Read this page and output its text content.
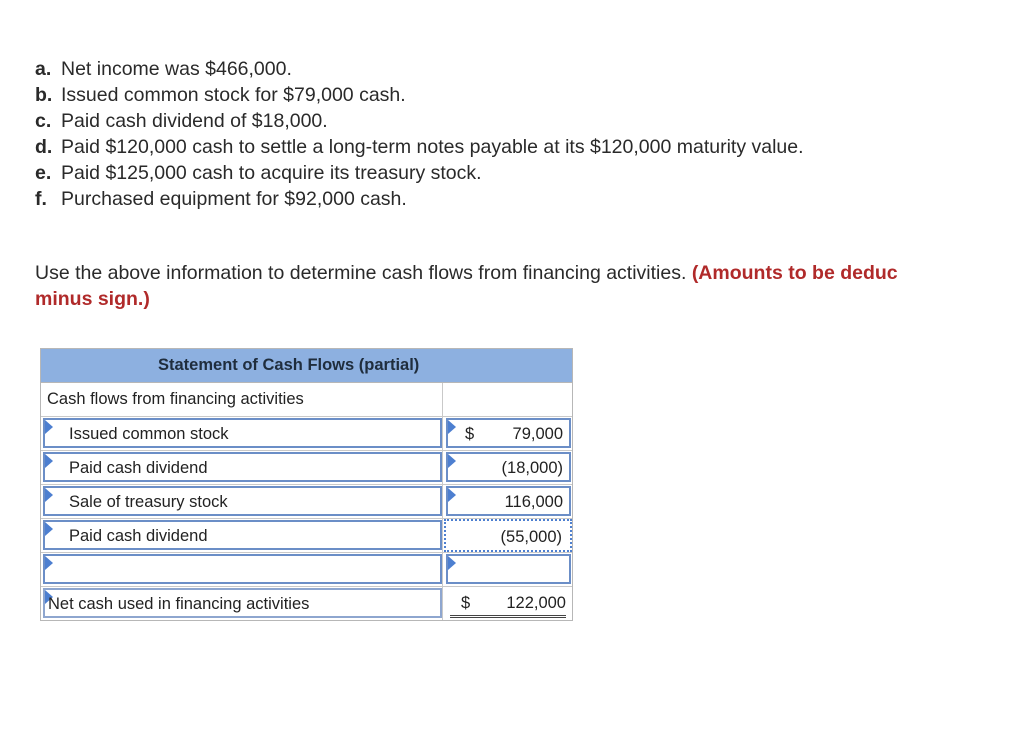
a. Net income was $466,000.
b. Issued common stock for $79,000 cash.
c. Paid cash dividend of $18,000.
d. Paid $120,000 cash to settle a long-term notes payable at its $120,000 maturity value.
e. Paid $125,000 cash to acquire its treasury stock.
f. Purchased equipment for $92,000 cash.
Use the above information to determine cash flows from financing activities. (Amounts to be deduc
minus sign.)
Statement of Cash Flows (partial)
Cash flows from financing activities
Issued common stock	$ 79,000
Paid cash dividend	(18,000)
Sale of treasury stock	116,000
Paid cash dividend	(55,000)
Net cash used in financing activities	$ 122,000
